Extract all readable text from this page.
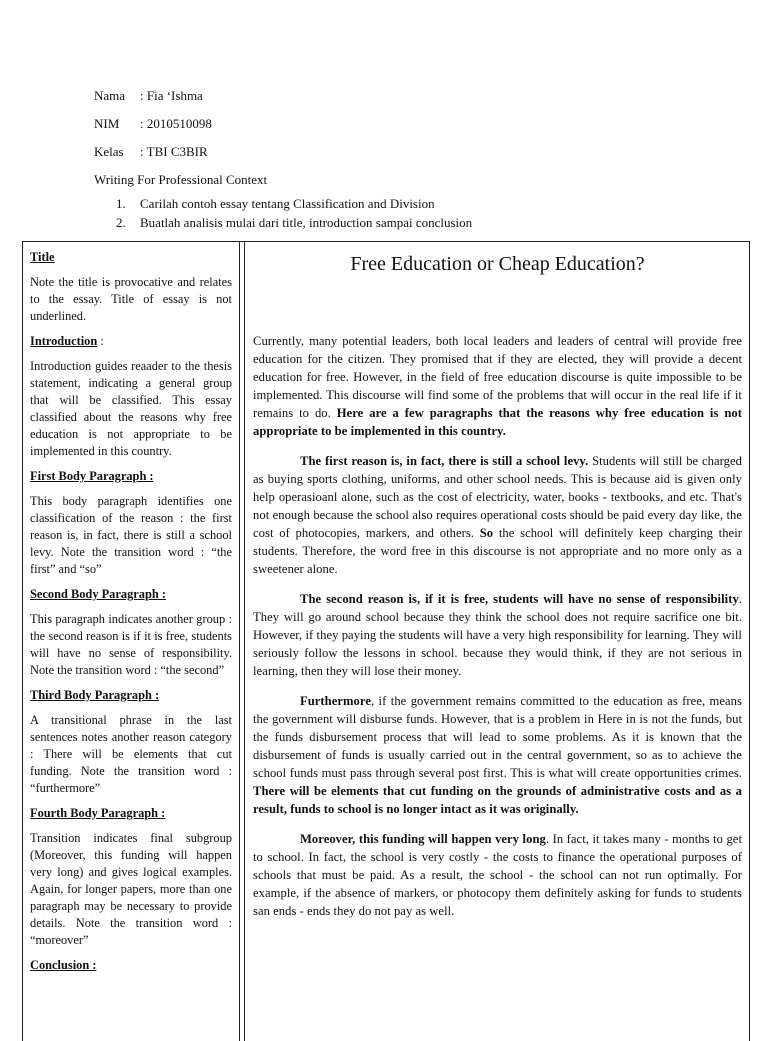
Nama	: Fia ‘Ishma
NIM	: 2010510098
Kelas	: TBI C3BIR
Writing For Professional Context
1.	Carilah contoh essay tentang Classification and Division
2.	Buatlah analisis mulai dari title, introduction sampai conclusion

Title

Note the title is provocative and relates to the essay. Title of essay is not underlined.

Introduction :

Introduction guides reaader to the thesis statement, indicating a general group that will be classified. This essay classified about the reasons why free education is not appropriate to be implemented in this country.

First Body Paragraph :

This body paragraph identifies one classification of the reason : the first reason is, in fact, there is still a school levy. Note the transition word : “the first” and “so”

Second Body Paragraph :

This paragraph indicates another group : the second reason is if it is free, students will have no sense of responsibility. Note the transition word : “the second”

Third Body Paragraph :

A transitional phrase in the last sentences notes another reason category : There will be elements that cut funding. Note the transition word : “furthermore”

Fourth Body Paragraph :

Transition indicates final subgroup (Moreover, this funding will happen very long) and gives logical examples. Again, for longer papers, more than one paragraph may be necessary to provide details. Note the transition word : “moreover”

Conclusion :

Free Education or Cheap Education?

Currently, many potential leaders, both local leaders and leaders of central will provide free education for the citizen. They promised that if they are elected, they will provide a decent education for free. However, in the field of free education discourse is quite impossible to be implemented. This discourse will find some of the problems that will occur in the real life if it remains to do. Here are a few paragraphs that the reasons why free education is not appropriate to be implemented in this country.

The first reason is, in fact, there is still a school levy. Students will still be charged as buying sports clothing, uniforms, and other school needs. This is because aid is given only help operasioanl alone, such as the cost of electricity, water, books - textbooks, and etc. That's not enough because the school also requires operational costs should be paid every day like, the cost of photocopies, markers, and others. So the school will definitely keep charging their students. Therefore, the word free in this discourse is not appropriate and no more only as a sweetener alone.

The second reason is, if it is free, students will have no sense of responsibility. They will go around school because they think the school does not require sacrifice one bit. However, if they paying the students will have a very high responsibility for learning. They will seriously follow the lessons in school. because they would think, if they are not serious in learning, then they will lose their money.

Furthermore, if the government remains committed to the education as free, means the government will disburse funds. However, that is a problem in Here in is not the funds, but the funds disbursement process that will lead to some problems. As it is known that the disbursement of funds is usually carried out in the central government, so as to achieve the school funds must pass through several post first. This is what will create opportunities crimes. There will be elements that cut funding on the grounds of administrative costs and as a result, funds to school is no longer intact as it was originally.

Moreover, this funding will happen very long. In fact, it takes many - months to get to school. In fact, the school is very costly - the costs to finance the operational purposes of schools that must be paid. As a result, the school - the school can not run optimally. For example, if the absence of markers, or photocopy them definitely asking for funds to students san ends - ends they do not pay as well.
